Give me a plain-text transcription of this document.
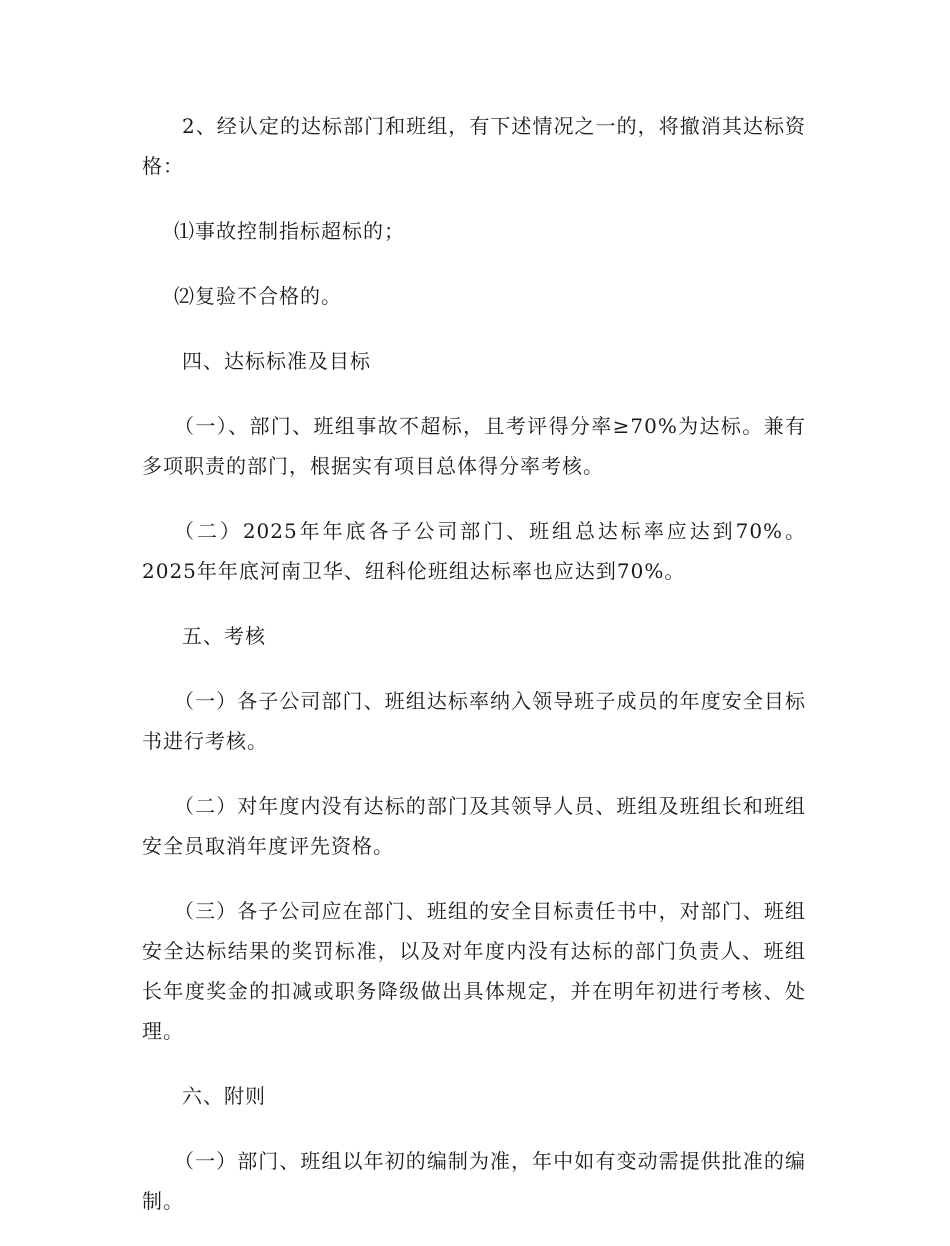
2、经认定的达标部门和班组，有下述情况之一的，将撤消其达标资格：

⑴事故控制指标超标的；

⑵复验不合格的。

四、达标标准及目标

（一）、部门、班组事故不超标，且考评得分率≥70%为达标。兼有多项职责的部门，根据实有项目总体得分率考核。

（二）2025年年底各子公司部门、班组总达标率应达到70%。2025年年底河南卫华、纽科伦班组达标率也应达到70%。

五、考核

（一）各子公司部门、班组达标率纳入领导班子成员的年度安全目标书进行考核。

（二）对年度内没有达标的部门及其领导人员、班组及班组长和班组安全员取消年度评先资格。

（三）各子公司应在部门、班组的安全目标责任书中，对部门、班组安全达标结果的奖罚标准，以及对年度内没有达标的部门负责人、班组长年度奖金的扣减或职务降级做出具体规定，并在明年初进行考核、处理。

六、附则

（一）部门、班组以年初的编制为准，年中如有变动需提供批准的编制。
